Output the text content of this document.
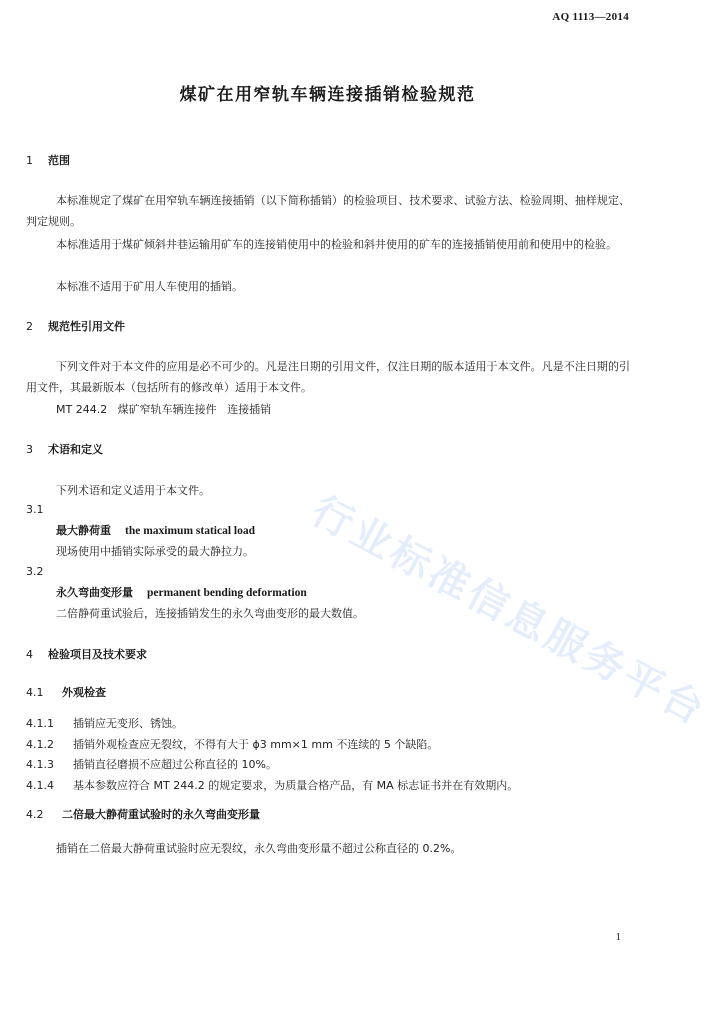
AQ 1113—2014
煤矿在用窄轨车辆连接插销检验规范
1 范围
本标准规定了煤矿在用窄轨车辆连接插销（以下简称插销）的检验项目、技术要求、试验方法、检验周期、抽样规定、判定规则。
本标准适用于煤矿倾斜井巷运输用矿车的连接销使用中的检验和斜井使用的矿车的连接插销使用前和使用中的检验。
本标准不适用于矿用人车使用的插销。
2 规范性引用文件
下列文件对于本文件的应用是必不可少的。凡是注日期的引用文件，仅注日期的版本适用于本文件。凡是不注日期的引用文件，其最新版本（包括所有的修改单）适用于本文件。
MT 244.2   煤矿窄轨车辆连接件   连接插销
3 术语和定义
下列术语和定义适用于本文件。
3.1
最大静荷重 the maximum statical load
现场使用中插销实际承受的最大静拉力。
3.2
永久弯曲变形量 permanent bending deformation
二倍静荷重试验后，连接插销发生的永久弯曲变形的最大数值。
4 检验项目及技术要求
4.1 外观检查
4.1.1 插销应无变形、锈蚀。
4.1.2 插销外观检查应无裂纹，不得有大于 ϕ3 mm×1 mm 不连续的 5 个缺陷。
4.1.3 插销直径磨损不应超过公称直径的 10%。
4.1.4 基本参数应符合 MT 244.2 的规定要求，为质量合格产品，有 MA 标志证书并在有效期内。
4.2 二倍最大静荷重试验时的永久弯曲变形量
插销在二倍最大静荷重试验时应无裂纹，永久弯曲变形量不超过公称直径的 0.2%。
行业标准信息服务平台
1
